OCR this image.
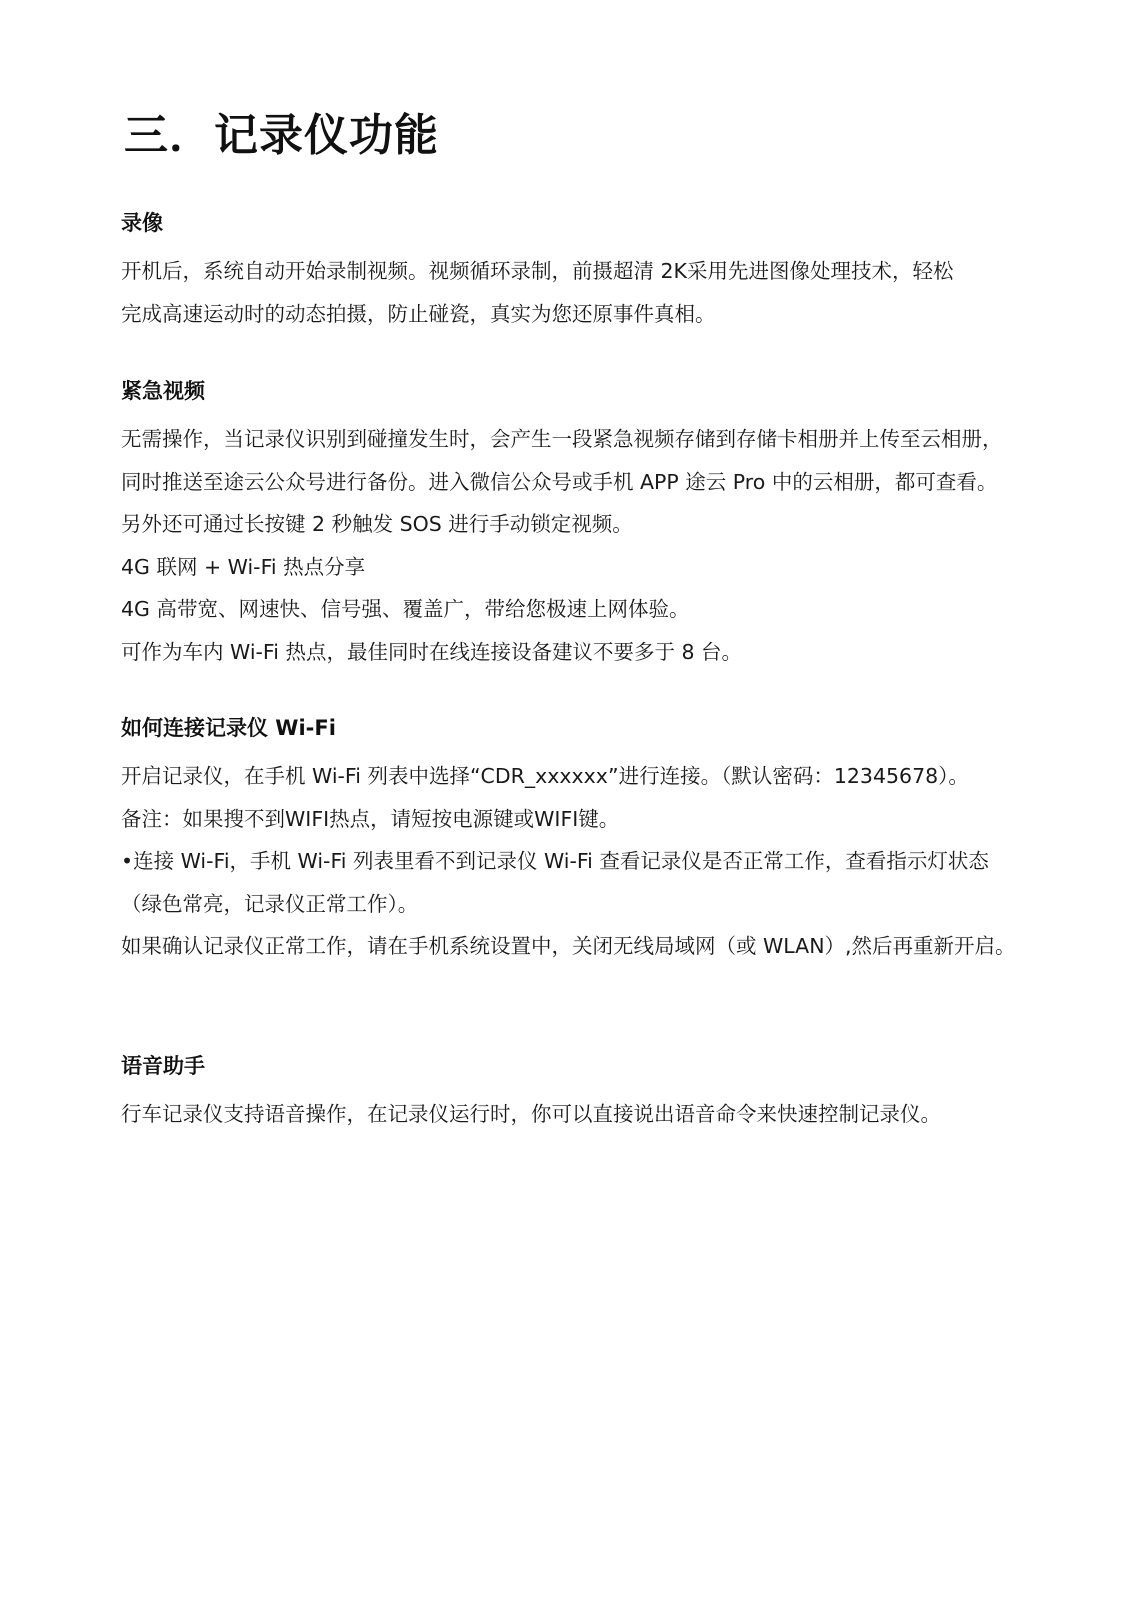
三．记录仪功能
录像

开机后，系统自动开始录制视频。视频循环录制，前摄超清 2K采用先进图像处理技术，轻松

完成高速运动时的动态拍摄，防止碰瓷，真实为您还原事件真相。

紧急视频

无需操作，当记录仪识别到碰撞发生时，会产生一段紧急视频存储到存储卡相册并上传至云相册，

同时推送至途云公众号进行备份。进入微信公众号或手机 APP 途云 Pro 中的云相册，都可查看。

另外还可通过长按键 2 秒触发 SOS 进行手动锁定视频。

4G 联网 + Wi-Fi 热点分享

4G 高带宽、网速快、信号强、覆盖广，带给您极速上网体验。

可作为车内 Wi-Fi 热点，最佳同时在线连接设备建议不要多于 8 台。

如何连接记录仪 Wi-Fi

开启记录仪，在手机 Wi-Fi 列表中选择“CDR_xxxxxx”进行连接。（默认密码：12345678）。

备注：如果搜不到WIFI热点，请短按电源键或WIFI键。

•连接 Wi-Fi，手机 Wi-Fi 列表里看不到记录仪 Wi-Fi 查看记录仪是否正常工作，查看指示灯状态

（绿色常亮，记录仪正常工作）。

如果确认记录仪正常工作，请在手机系统设置中，关闭无线局域网（或 WLAN）,然后再重新开启。

语音助手

行车记录仪支持语音操作，在记录仪运行时，你可以直接说出语音命令来快速控制记录仪。
